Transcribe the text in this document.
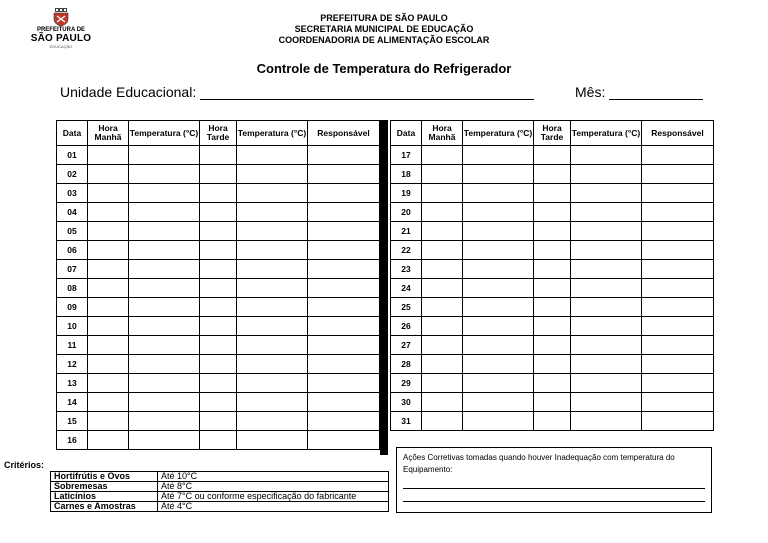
PREFEITURA DE
SÃO PAULO
EDUCAÇÃO
PREFEITURA DE SÃO PAULO
SECRETARIA MUNICIPAL DE EDUCAÇÃO
COORDENADORIA DE ALIMENTAÇÃO ESCOLAR
Controle de Temperatura do Refrigerador
Unidade Educacional:	Mês:
Data	Hora Manhã	Temperatura (°C)	Hora Tarde	Temperatura (°C)	Responsável
01					
02					
03					
04					
05					
06					
07					
08					
09					
10					
11					
12					
13					
14					
15					
16					
Data	Hora Manhã	Temperatura (°C)	Hora Tarde	Temperatura (°C)	Responsável
17					
18					
19					
20					
21					
22					
23					
24					
25					
26					
27					
28					
29					
30					
31					
Critérios:
Hortifrútis e Ovos	Até 10°C
Sobremesas	Até 8°C
Laticínios	Até 7°C ou conforme especificação do fabricante
Carnes e Amostras	Até 4°C
Ações Corretivas tomadas quando houver Inadequação com temperatura do Equipamento:
